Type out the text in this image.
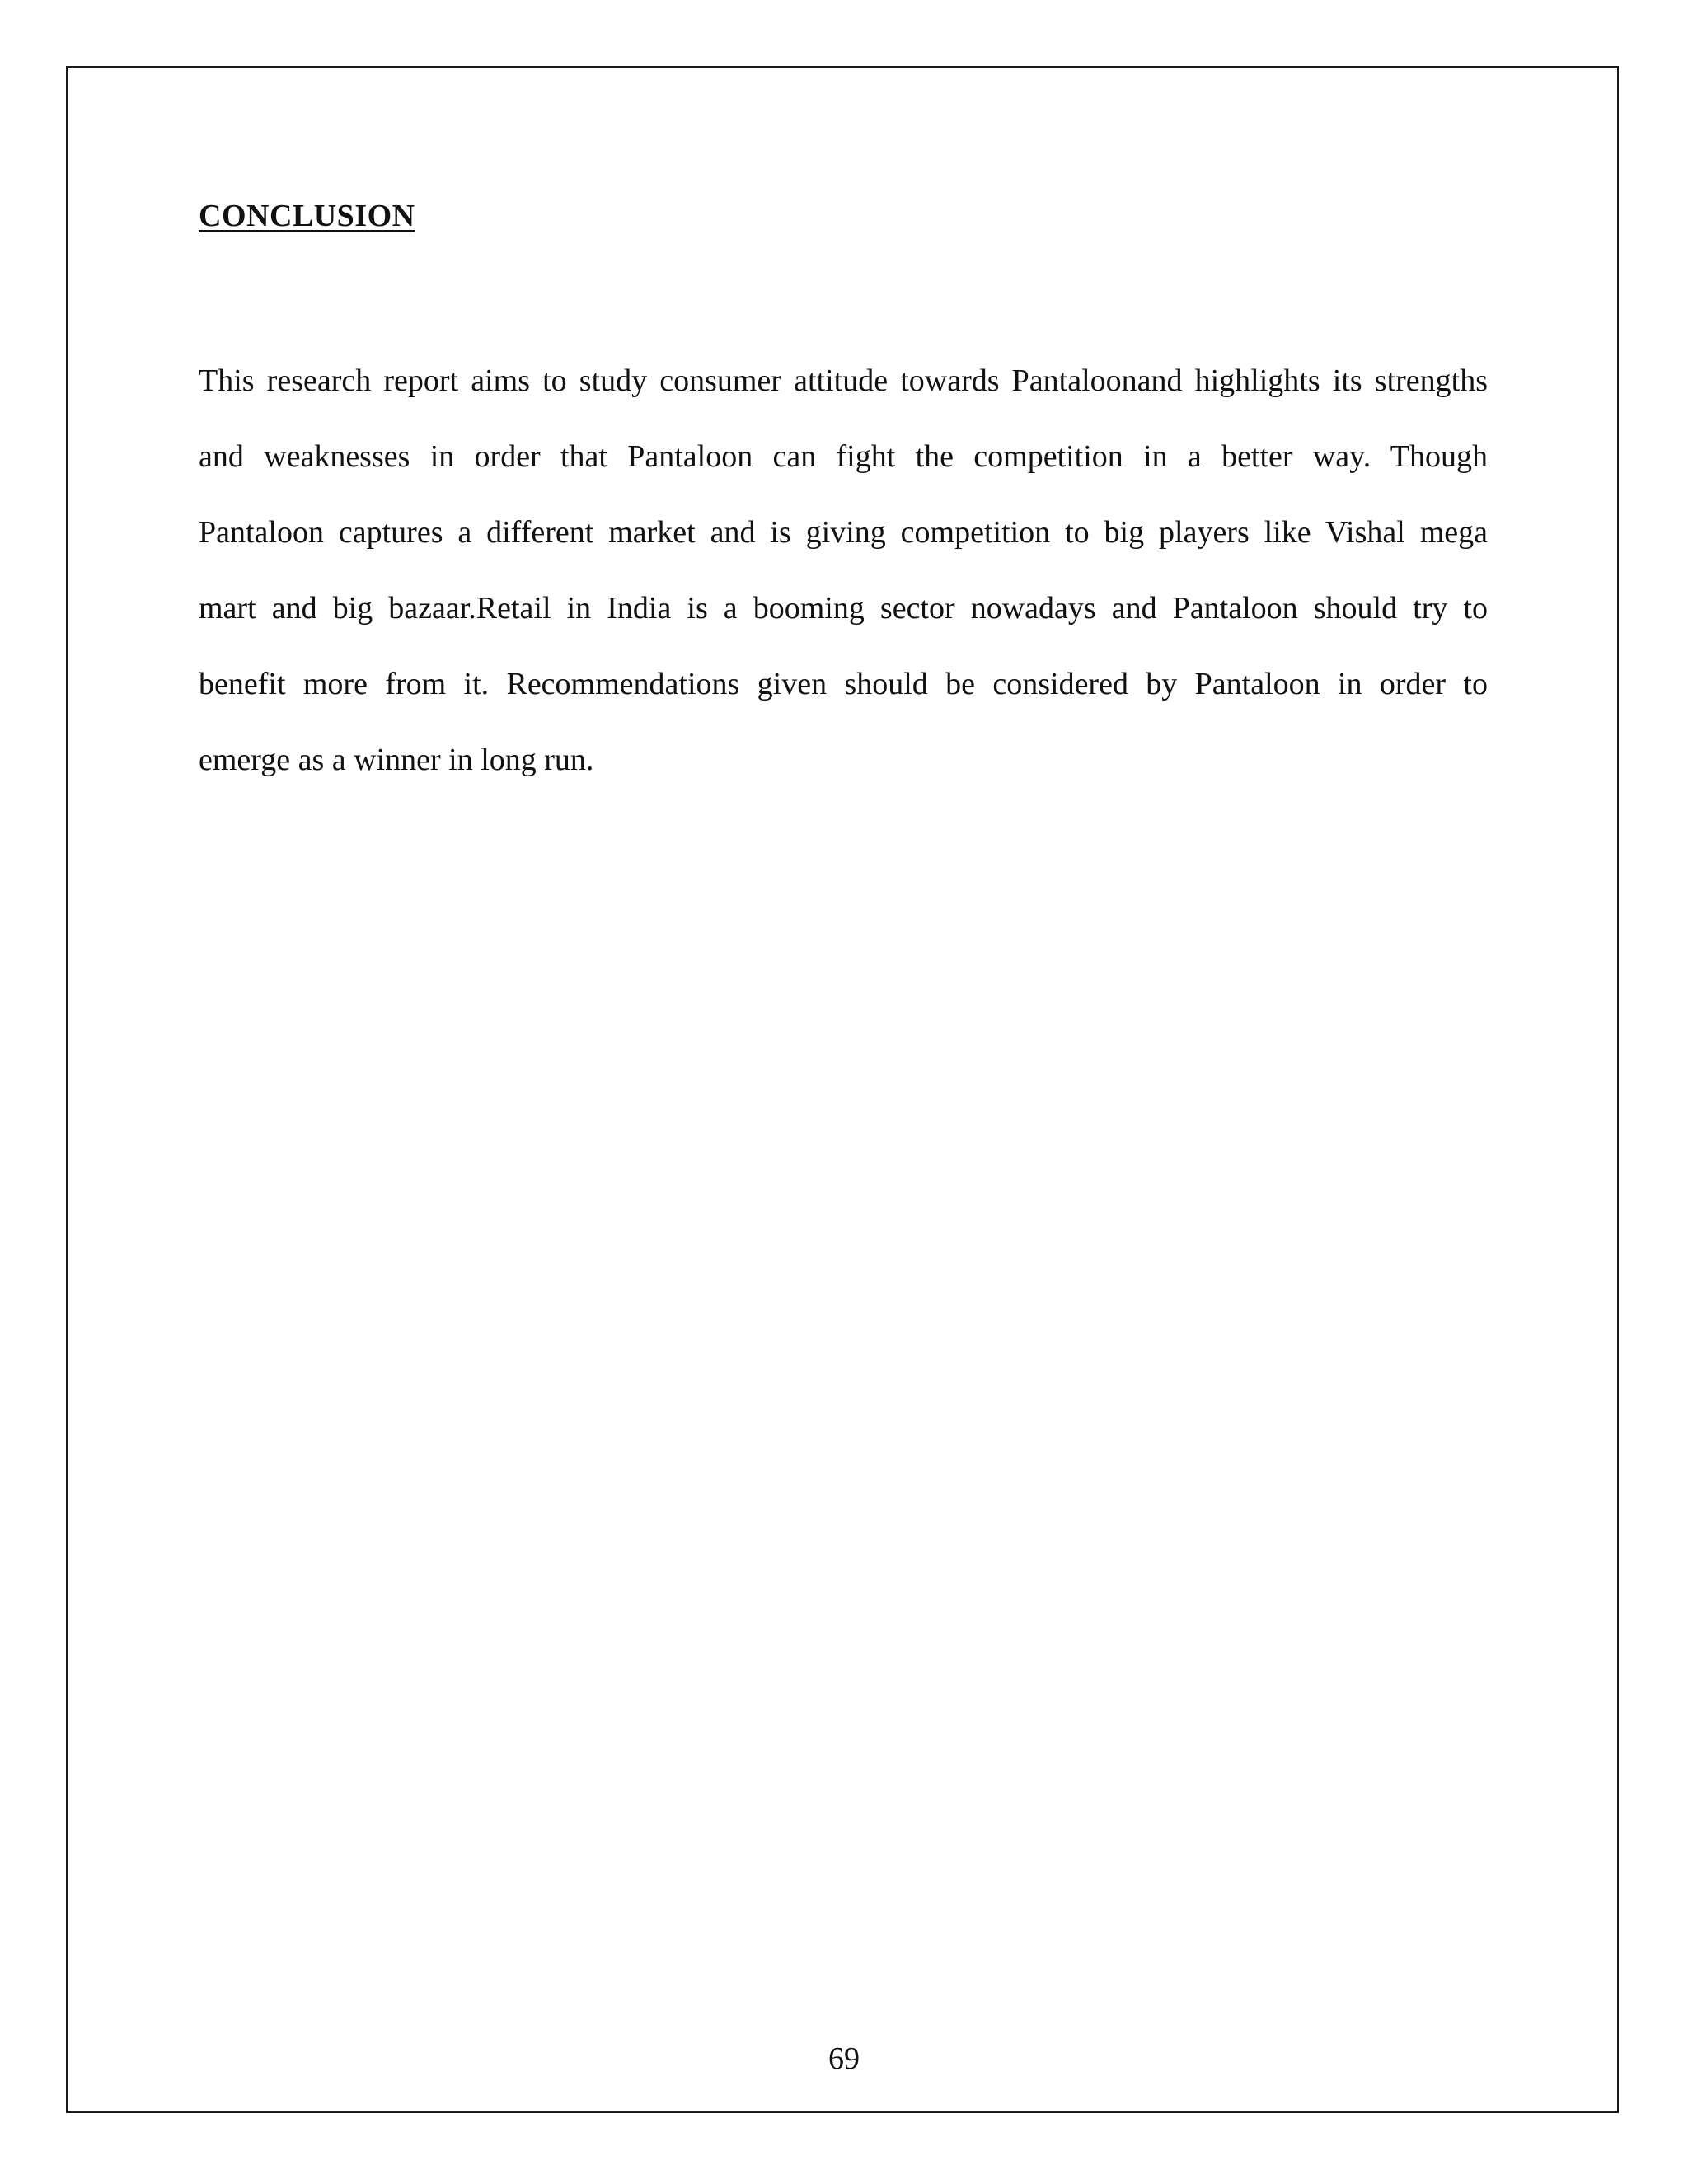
CONCLUSION

This research report aims to study consumer attitude towards Pantaloonand highlights its strengths
and weaknesses in order that Pantaloon can fight the competition in a better way. Though
Pantaloon captures a different market and is giving competition to big players like Vishal mega
mart and big bazaar.Retail in India is a booming sector nowadays and Pantaloon should try to
benefit more from it. Recommendations given should be considered by Pantaloon in order to
emerge as a winner in long run.

69
